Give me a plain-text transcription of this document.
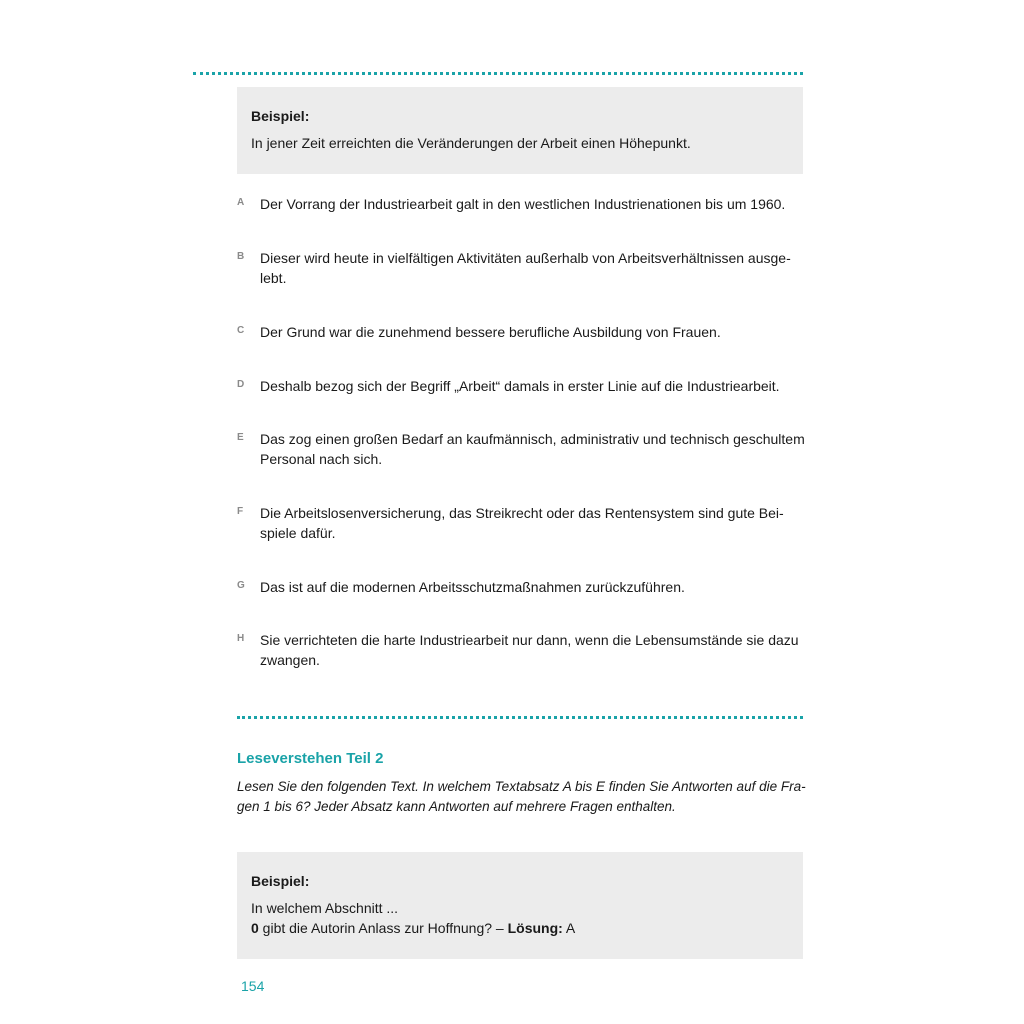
Beispiel:
In jener Zeit erreichten die Veränderungen der Arbeit einen Höhepunkt.
A Der Vorrang der Industriearbeit galt in den westlichen Industrienationen bis um 1960.
B Dieser wird heute in vielfältigen Aktivitäten außerhalb von Arbeitsverhältnissen ausge-
lebt.
C Der Grund war die zunehmend bessere berufliche Ausbildung von Frauen.
D Deshalb bezog sich der Begriff „Arbeit“ damals in erster Linie auf die Industriearbeit.
E Das zog einen großen Bedarf an kaufmännisch, administrativ und technisch geschultem
Personal nach sich.
F Die Arbeitslosenversicherung, das Streikrecht oder das Rentensystem sind gute Bei-
spiele dafür.
G Das ist auf die modernen Arbeitsschutzmaßnahmen zurückzuführen.
H Sie verrichteten die harte Industriearbeit nur dann, wenn die Lebensumstände sie dazu
zwangen.
Leseverstehen Teil 2
Lesen Sie den folgenden Text. In welchem Textabsatz A bis E finden Sie Antworten auf die Fra-
gen 1 bis 6? Jeder Absatz kann Antworten auf mehrere Fragen enthalten.
Beispiel:
In welchem Abschnitt ...
0 gibt die Autorin Anlass zur Hoffnung? – Lösung: A
154
